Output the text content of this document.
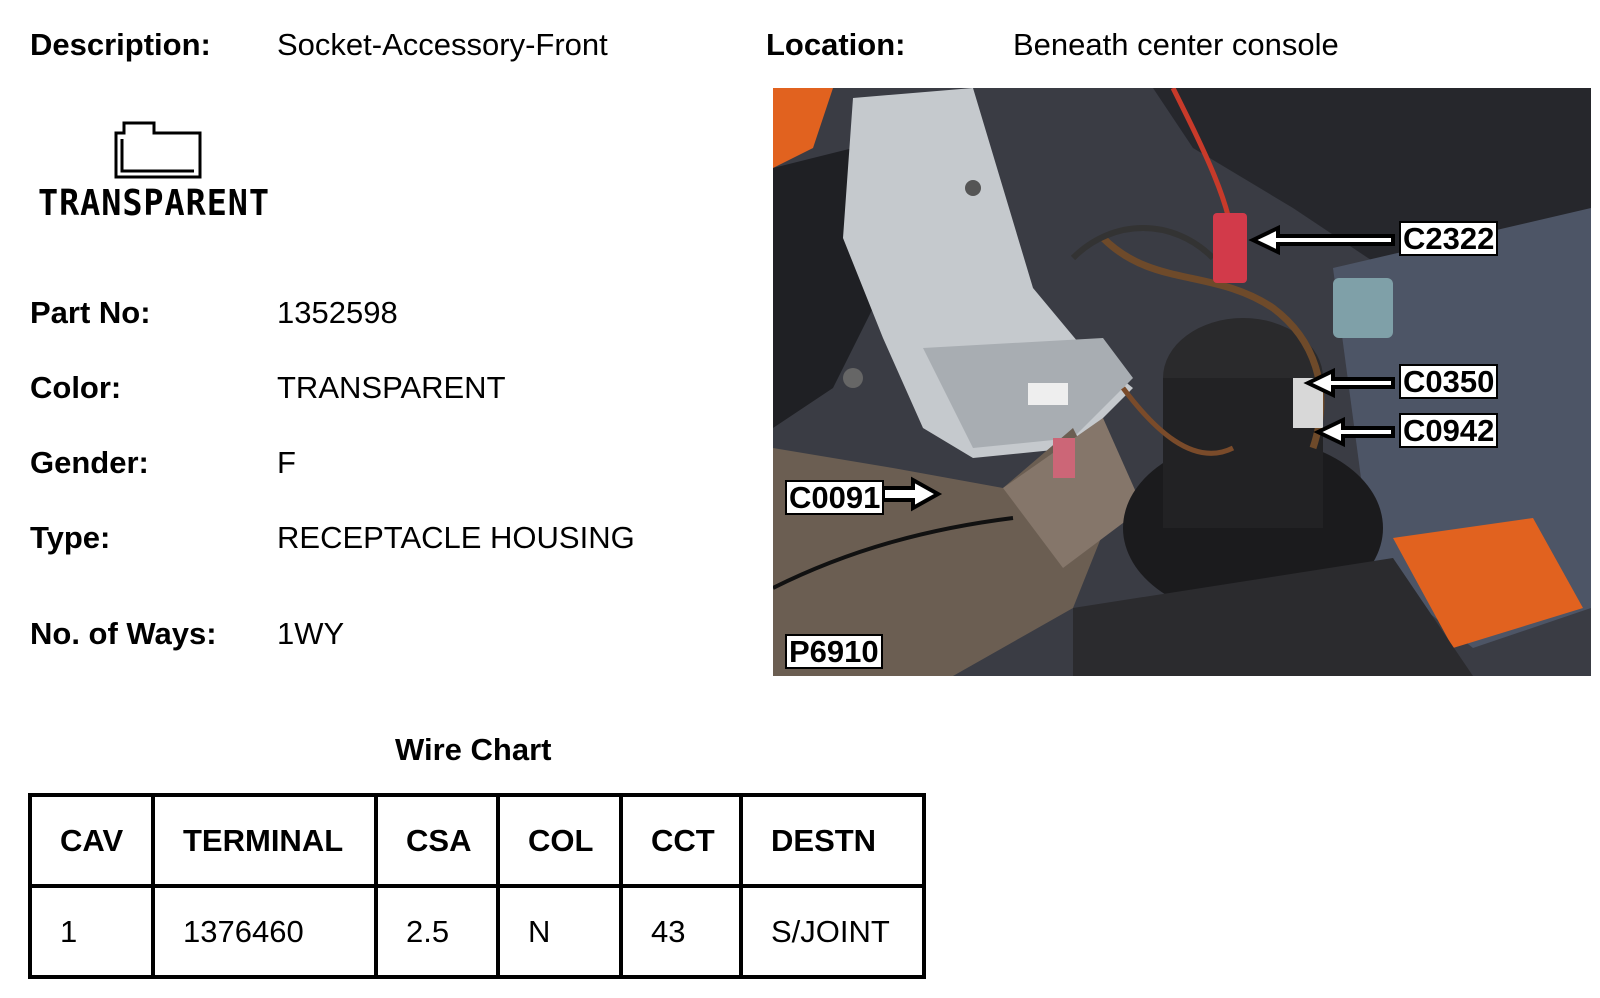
Description: Socket-Accessory-Front	Location:	Beneath center console
TRANSPARENT
Part No:	1352598
Color:	TRANSPARENT
Gender:	F
Type:	RECEPTACLE HOUSING
No. of Ways: 1WY
C2322
C0350
C0942
C0091
P6910
Wire Chart
CAV	TERMINAL	CSA	COL	CCT	DESTN
1	1376460	2.5	N	43	S/JOINT
